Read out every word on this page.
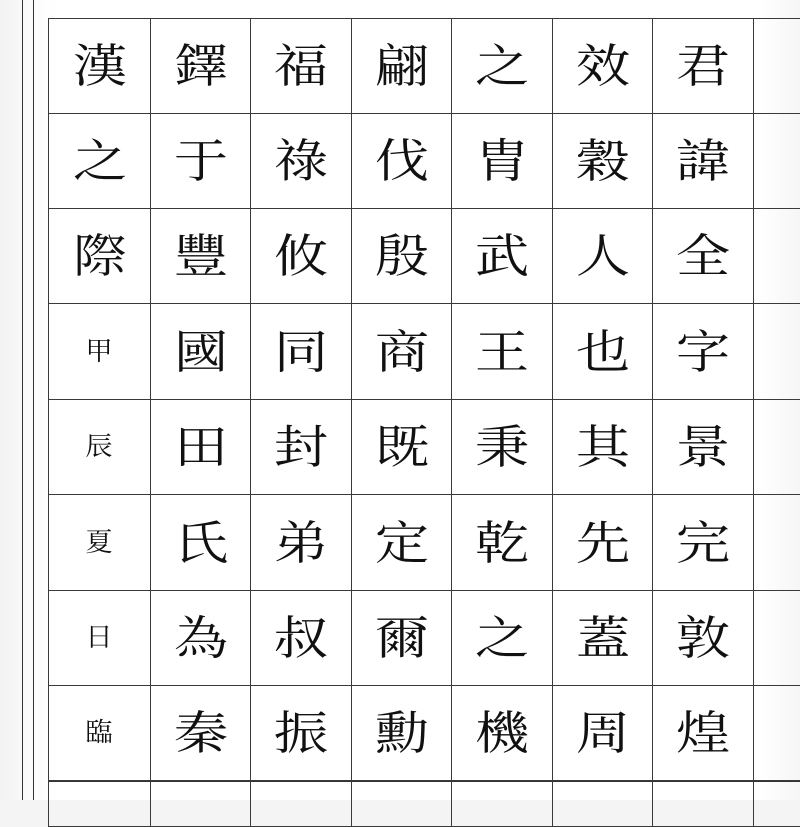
漢 鐸 福 翩 之 效 君
之 于 祿 伐 胄 穀 諱
際 豐 攸 殷 武 人 全
甲 國 同 商 王 也 字
辰 田 封 既 秉 其 景
夏 氏 弟 定 乾 先 完
日 為 叔 爾 之 蓋 敦
臨 秦 振 勳 機 周 煌
